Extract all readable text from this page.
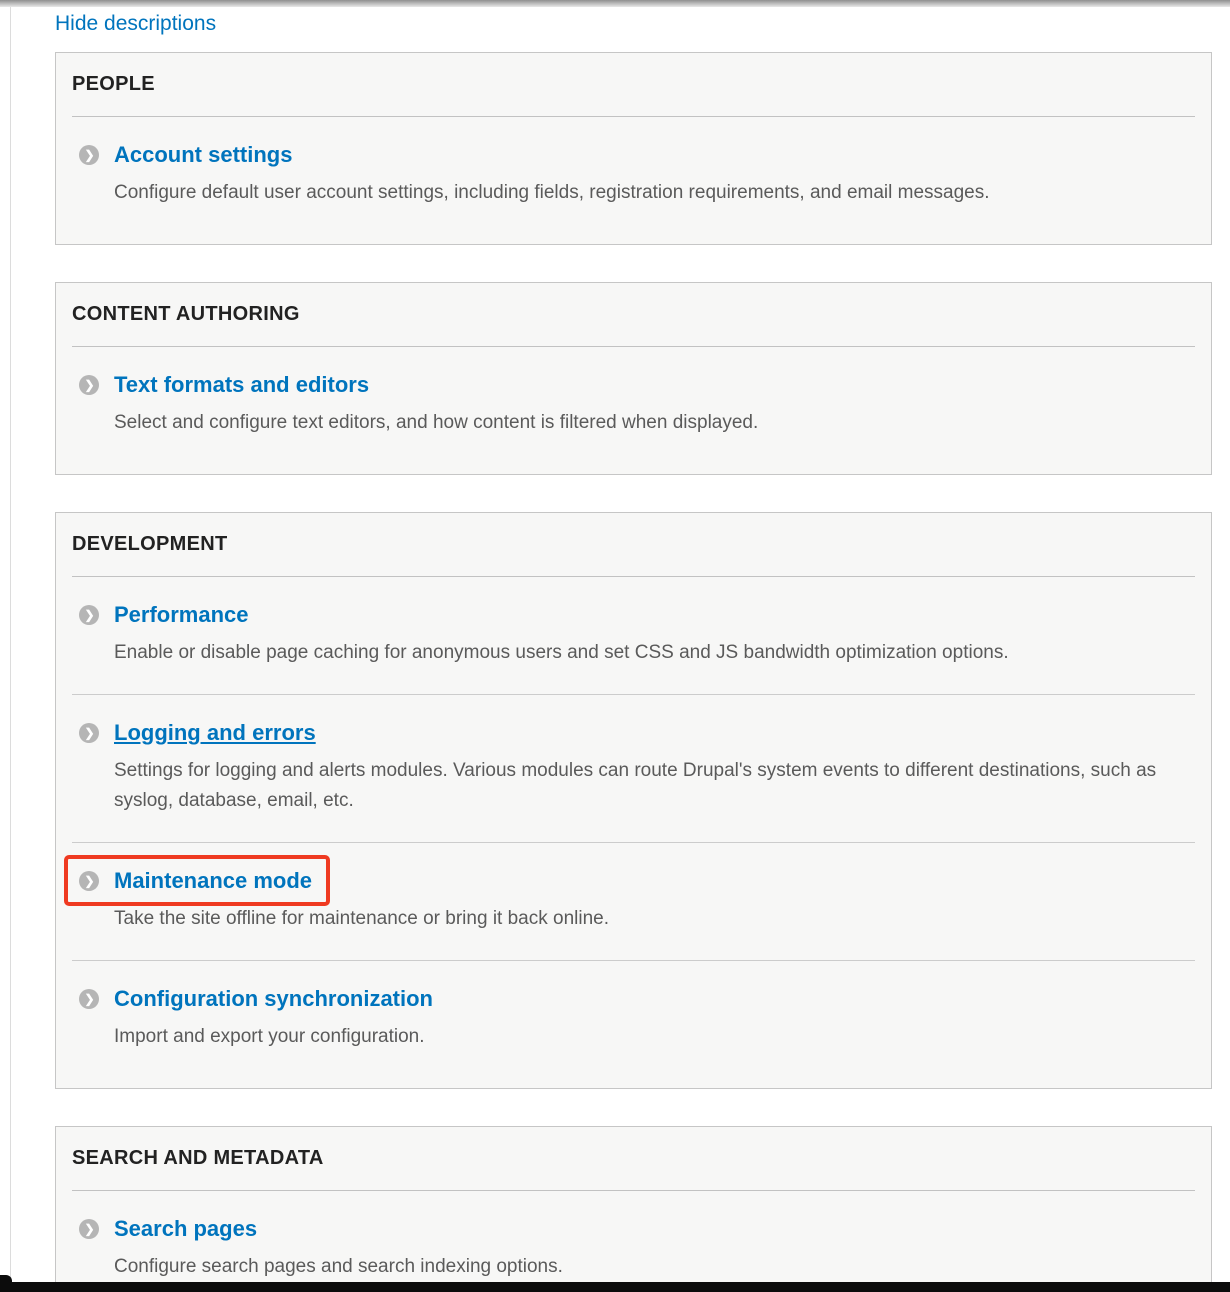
Hide descriptions
PEOPLE
❯
Account settings
Configure default user account settings, including fields, registration requirements, and email messages.
CONTENT AUTHORING
❯
Text formats and editors
Select and configure text editors, and how content is filtered when displayed.
DEVELOPMENT
❯
Performance
Enable or disable page caching for anonymous users and set CSS and JS bandwidth optimization options.
❯
Logging and errors
Settings for logging and alerts modules. Various modules can route Drupal's system events to different destinations, such as syslog, database, email, etc.
❯
Maintenance mode
Take the site offline for maintenance or bring it back online.
❯
Configuration synchronization
Import and export your configuration.
SEARCH AND METADATA
❯
Search pages
Configure search pages and search indexing options.
